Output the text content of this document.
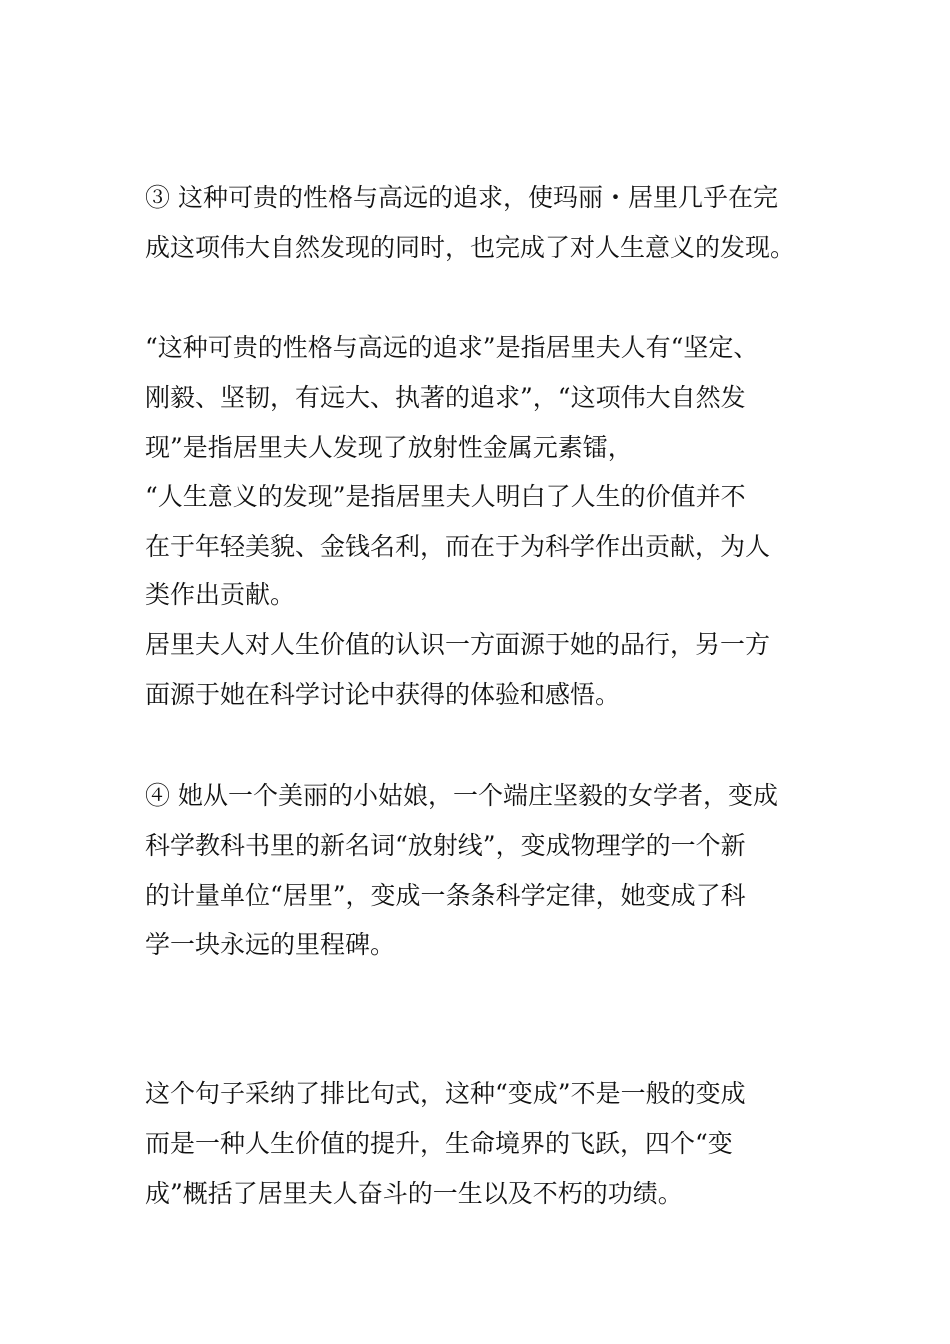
③ 这种可贵的性格与高远的追求，使玛丽・居里几乎在完
成这项伟大自然发现的同时，也完成了对人生意义的发现。
“这种可贵的性格与高远的追求”是指居里夫人有“坚定、
刚毅、坚韧，有远大、执著的追求”，“这项伟大自然发
现”是指居里夫人发现了放射性金属元素镭，
“人生意义的发现”是指居里夫人明白了人生的价值并不
在于年轻美貌、金钱名利，而在于为科学作出贡献，为人
类作出贡献。
居里夫人对人生价值的认识一方面源于她的品行，另一方
面源于她在科学讨论中获得的体验和感悟。
④ 她从一个美丽的小姑娘，一个端庄坚毅的女学者，变成
科学教科书里的新名词“放射线”，变成物理学的一个新
的计量单位“居里”，变成一条条科学定律，她变成了科
学一块永远的里程碑。
这个句子采纳了排比句式，这种“变成”不是一般的变成
而是一种人生价值的提升，生命境界的飞跃，四个“变
成”概括了居里夫人奋斗的一生以及不朽的功绩。
